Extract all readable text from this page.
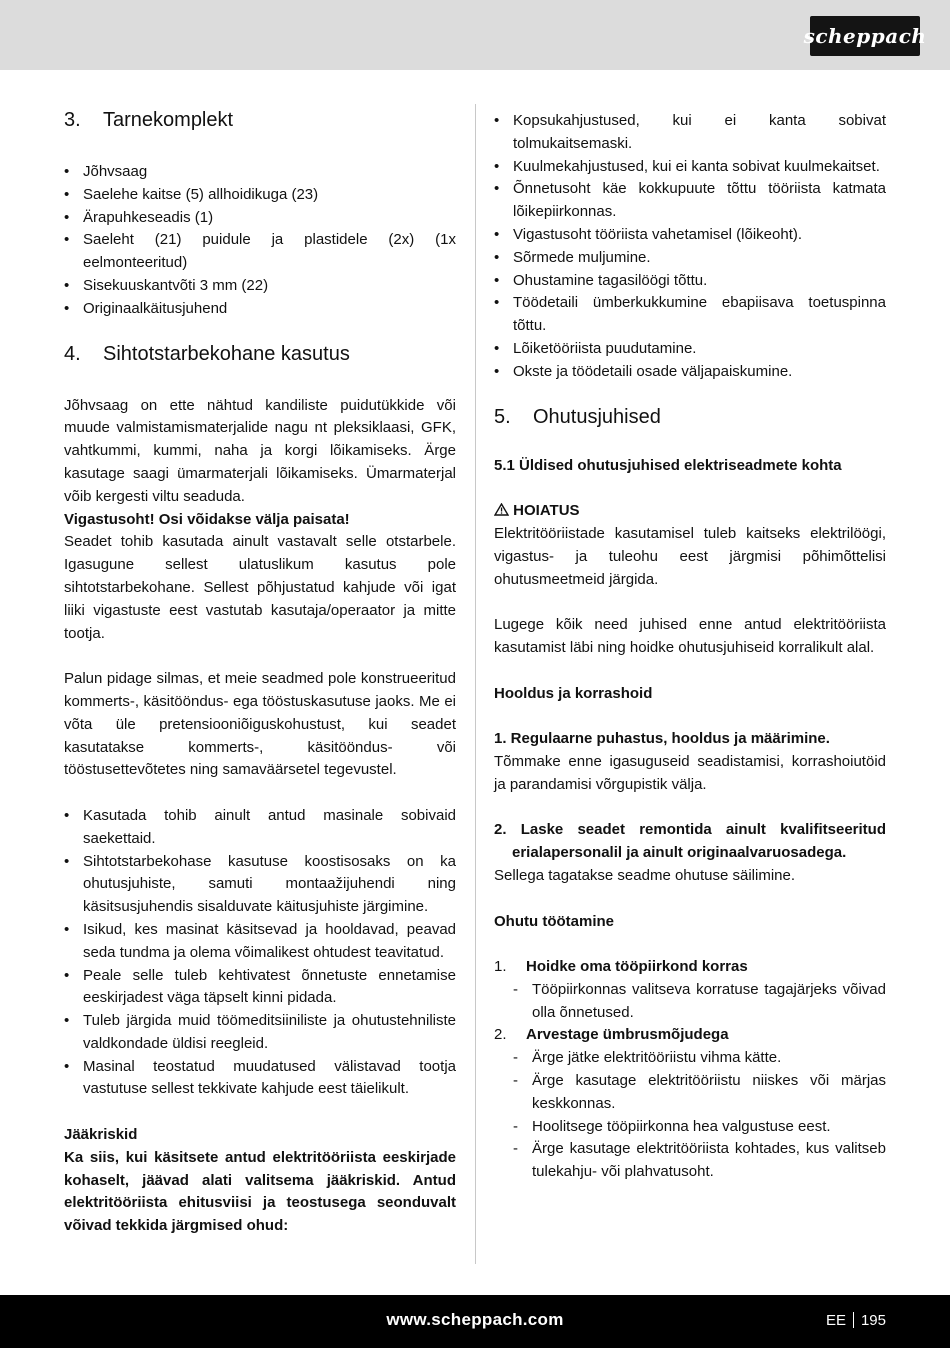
scheppach
3.	Tarnekomplekt
• Jõhvsaag
• Saelehe kaitse (5) allhoidikuga (23)
• Ärapuhkeseadis (1)
• Saeleht (21) puidule ja plastidele (2x) (1x eelmonteeritud)
• Sisekuuskantvõti 3 mm (22)
• Originaalkäitusjuhend
4.	Sihtotstarbekohane kasutus

Jõhvsaag on ette nähtud kandiliste puidutükkide või muude valmistamismaterjalide nagu nt pleksiklaasi, GFK, vahtkummi, kummi, naha ja korgi lõikamiseks. Ärge kasutage saagi ümarmaterjali lõikamiseks. Ümarmaterjal võib kergesti viltu seaduda.

Vigastusoht! Osi võidakse välja paisata!

Seadet tohib kasutada ainult vastavalt selle otstarbele. Igasugune sellest ulatuslikum kasutus pole sihtotstarbekohane. Sellest põhjustatud kahjude või igat liiki vigastuste eest vastutab kasutaja/operaator ja mitte tootja.

Palun pidage silmas, et meie seadmed pole konstrueeritud kommerts-, käsitööndus- ega tööstuskasutuse jaoks. Me ei võta üle pretensiooniõiguskohustust, kui seadet kasutatakse kommerts-, käsitööndus- või tööstusettevõtetes ning samaväärsetel tegevustel.

• Kasutada tohib ainult antud masinale sobivaid saekettaid.
• Sihtotstarbekohase kasutuse koostisosaks on ka ohutusjuhiste, samuti montaažijuhendi ning käsitsusjuhendis sisalduvate käitusjuhiste järgimine.
• Isikud, kes masinat käsitsevad ja hooldavad, peavad seda tundma ja olema võimalikest ohtudest teavitatud.
• Peale selle tuleb kehtivatest õnnetuste ennetamise eeskirjadest väga täpselt kinni pidada.
• Tuleb järgida muid töömeditsiiniliste ja ohutustehniliste valdkondade üldisi reegleid.
• Masinal teostatud muudatused välistavad tootja vastutuse sellest tekkivate kahjude eest täielikult.

Jääkriskid

Ka siis, kui käsitsete antud elektritööriista eeskirjade kohaselt, jäävad alati valitsema jääkriskid. Antud elektritööriista ehitusviisi ja teostusega seonduvalt võivad tekkida järgmised ohud:

• Kopsukahjustused, kui ei kanta sobivat tolmukaitsemaski.
• Kuulmekahjustused, kui ei kanta sobivat kuulmekaitset.
• Õnnetusoht käe kokkupuute tõttu tööriista katmata lõikepiirkonnas.
• Vigastusoht tööriista vahetamisel (lõikeoht).
• Sõrmede muljumine.
• Ohustamine tagasilöögi tõttu.
• Töödetaili ümberkukkumine ebapiisava toetuspinna tõttu.
• Lõiketööriista puudutamine.
• Okste ja töödetaili osade väljapaiskumine.
5.	Ohutusjuhised

5.1 Üldised ohutusjuhised elektriseadmete kohta

HOIATUS

Elektritööriistade kasutamisel tuleb kaitseks elektrilöögi, vigastus- ja tuleohu eest järgmisi põhimõttelisi ohutusmeetmeid järgida.

Lugege kõik need juhised enne antud elektritööriista kasutamist läbi ning hoidke ohutusjuhiseid korralikult alal.

Hooldus ja korrashoid

1. Regulaarne puhastus, hooldus ja määrimine.

Tõmmake enne igasuguseid seadistamisi, korrashoiutöid ja parandamisi võrgupistik välja.

2. Laske seadet remontida ainult kvalifitseeritud erialapersonalil ja ainult originaalvaruosadega.

Sellega tagatakse seadme ohutuse säilimine.

Ohutu töötamine

1.	Hoidke oma tööpiirkond korras
- Tööpiirkonnas valitseva korratuse tagajärjeks võivad olla õnnetused.
2.	Arvestage ümbrusmõjudega
- Ärge jätke elektritööriistu vihma kätte.
- Ärge kasutage elektritööriistu niiskes või märjas keskkonnas.
- Hoolitsege tööpiirkonna hea valgustuse eest.
- Ärge kasutage elektritööriista kohtades, kus valitseb tulekahju- või plahvatusoht.
www.scheppach.com	EE 195
